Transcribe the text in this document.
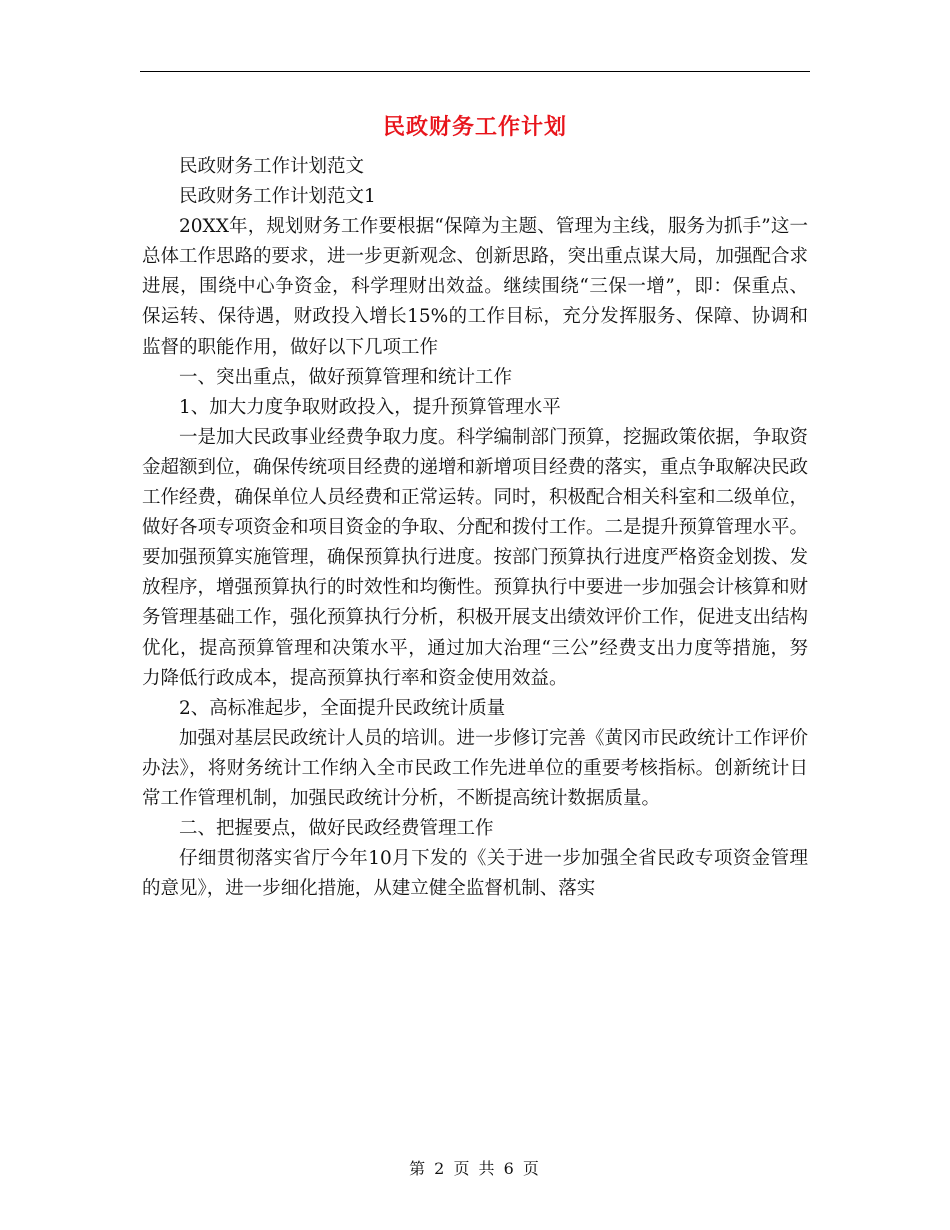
民政财务工作计划

民政财务工作计划范文

民政财务工作计划范文1

20XX年，规划财务工作要根据“保障为主题、管理为主线，服务为抓手”这一总体工作思路的要求，进一步更新观念、创新思路，突出重点谋大局，加强配合求进展，围绕中心争资金，科学理财出效益。继续围绕“三保一增”，即：保重点、保运转、保待遇，财政投入增长15%的工作目标，充分发挥服务、保障、协调和监督的职能作用，做好以下几项工作

一、突出重点，做好预算管理和统计工作

1、加大力度争取财政投入，提升预算管理水平

一是加大民政事业经费争取力度。科学编制部门预算，挖掘政策依据，争取资金超额到位，确保传统项目经费的递增和新增项目经费的落实，重点争取解决民政工作经费，确保单位人员经费和正常运转。同时，积极配合相关科室和二级单位，做好各项专项资金和项目资金的争取、分配和拨付工作。二是提升预算管理水平。要加强预算实施管理，确保预算执行进度。按部门预算执行进度严格资金划拨、发放程序，增强预算执行的时效性和均衡性。预算执行中要进一步加强会计核算和财务管理基础工作，强化预算执行分析，积极开展支出绩效评价工作，促进支出结构优化，提高预算管理和决策水平，通过加大治理“三公”经费支出力度等措施，努力降低行政成本，提高预算执行率和资金使用效益。

2、高标准起步，全面提升民政统计质量

加强对基层民政统计人员的培训。进一步修订完善《黄冈市民政统计工作评价办法》，将财务统计工作纳入全市民政工作先进单位的重要考核指标。创新统计日常工作管理机制，加强民政统计分析，不断提高统计数据质量。

二、把握要点，做好民政经费管理工作

仔细贯彻落实省厅今年10月下发的《关于进一步加强全省民政专项资金管理的意见》，进一步细化措施，从建立健全监督机制、落实

第 2 页 共 6 页
